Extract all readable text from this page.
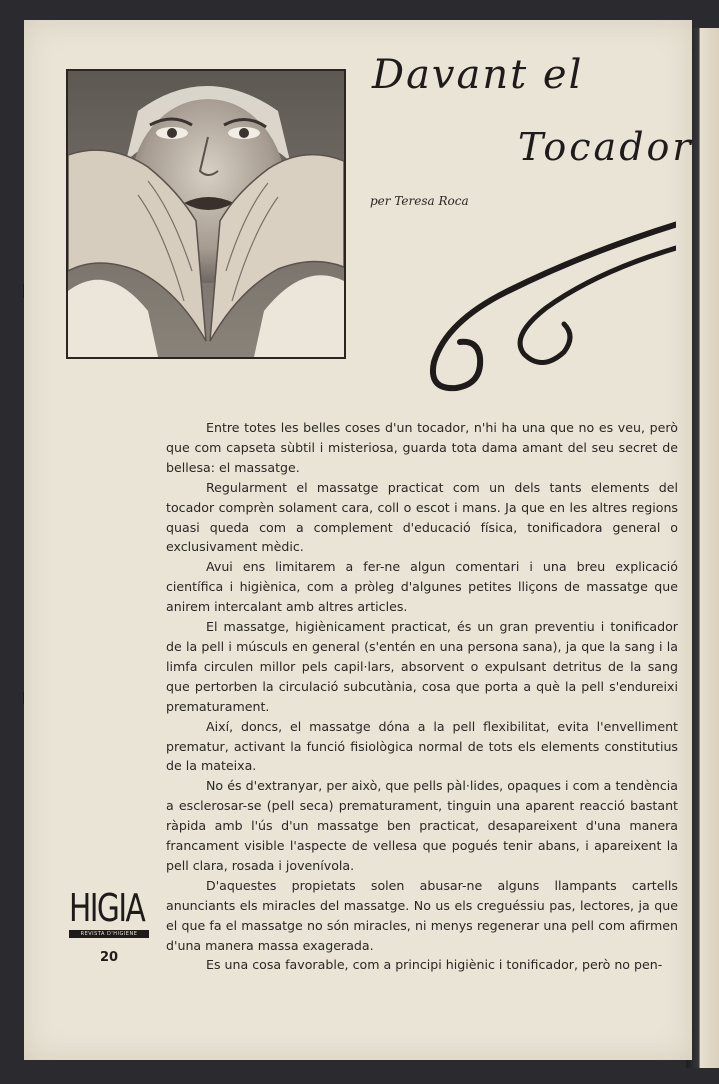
Davant el
Tocador
per Teresa Roca

Entre totes les belles coses d'un tocador, n'hi ha una que no es veu, però que com capseta sùbtil i misteriosa, guarda tota dama amant del seu secret de bellesa: el massatge.

Regularment el massatge practicat com un dels tants elements del tocador comprèn solament cara, coll o escot i mans. Ja que en les altres regions quasi queda com a complement d'educació física, tonificadora general o exclusivament mèdic.

Avui ens limitarem a fer-ne algun comentari i una breu explicació científica i higiènica, com a pròleg d'algunes petites lliçons de massatge que anirem intercalant amb altres articles.

El massatge, higiènicament practicat, és un gran preventiu i tonificador de la pell i músculs en general (s'entén en una persona sana), ja que la sang i la limfa circulen millor pels capil·lars, absorvent o expulsant detritus de la sang que pertorben la circulació subcutània, cosa que porta a què la pell s'endureixi prematurament.

Així, doncs, el massatge dóna a la pell flexibilitat, evita l'envelliment prematur, activant la funció fisiològica normal de tots els elements constitutius de la mateixa.

No és d'extranyar, per això, que pells pàl·lides, opaques i com a tendència a esclerosar-se (pell seca) prematurament, tinguin una aparent reacció bastant ràpida amb l'ús d'un massatge ben practicat, desapareixent d'una manera francament visible l'aspecte de vellesa que pogués tenir abans, i apareixent la pell clara, rosada i jovenívola.

D'aquestes propietats solen abusar-ne alguns llampants cartells anunciants els miracles del massatge. No us els creguéssiu pas, lectores, ja que el que fa el massatge no són miracles, ni menys regenerar una pell com afirmen d'una manera massa exagerada.

Es una cosa favorable, com a principi higiènic i tonificador, però no pen-

HIGIA
REVISTA D'HIGIENE
20
